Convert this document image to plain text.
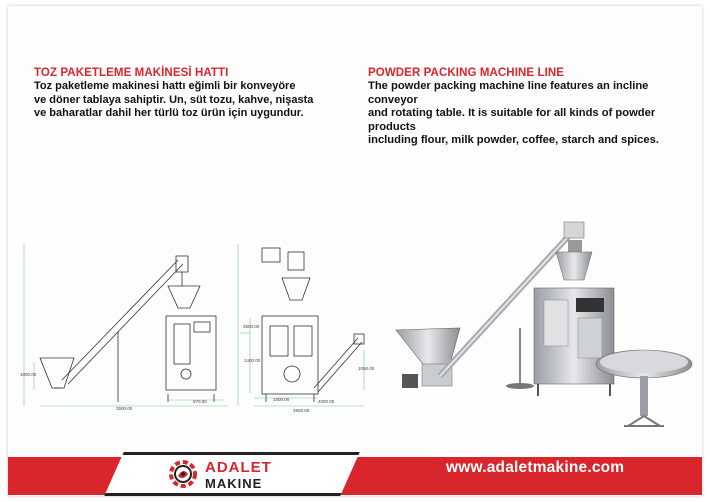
TOZ PAKETLEME MAKİNESİ HATTI
Toz paketleme makinesi hattı eğimli bir konveyöre
ve döner tablaya sahiptir. Un, süt tozu, kahve, nişasta
ve baharatlar dahil her türlü toz ürün için uygundur.
POWDER PACKING MACHINE LINE
The powder packing machine line features an incline
conveyor
and rotating table. It is suitable for all kinds of powder
products
including flour, milk powder, coffee, starch and spices.
3500.00
1400.00
1000.00
2500.00
3500.00
1800.00
970.00
1050.00
4000.00
ADALET
MAKINE
www.adaletmakine.com
